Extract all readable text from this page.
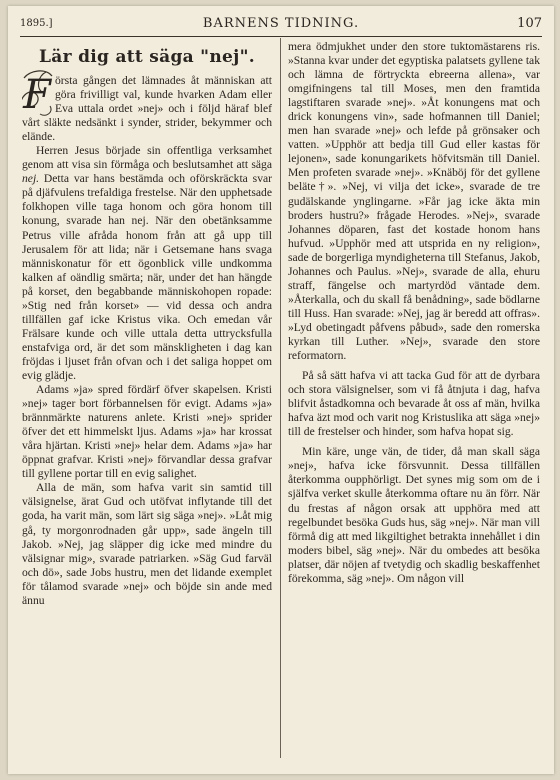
1895.]	BARNENS TIDNING.	107
Lär dig att säga "nej".
F örsta gången det lämnades åt människan att göra frivilligt val, kunde hvarken Adam eller Eva uttala ordet »nej» och i följd häraf blef vårt släkte nedsänkt i synder, strider, bekymmer och elände.

Herren Jesus började sin offentliga verksamhet genom att visa sin förmåga och beslutsamhet att säga nej. Detta var hans bestämda och oförskräckta svar på djäfvulens trefaldiga frestelse. När den upphetsade folkhopen ville taga honom och göra honom till konung, svarade han nej. När den obetänksamme Petrus ville afråda honom från att gå upp till Jerusalem för att lida; när i Getsemane hans svaga människonatur för ett ögonblick ville undkomma kalken af oändlig smärta; när, under det han hängde på korset, den begabbande människohopen ropade: »Stig ned från korset» — vid dessa och andra tillfällen gaf icke Kristus vika. Och emedan vår Frälsare kunde och ville uttala detta uttrycksfulla enstafviga ord, är det som mänskligheten i dag kan fröjdas i ljuset från ofvan och i det saliga hoppet om evig glädje.

Adams »ja» spred fördärf öfver skapelsen. Kristi »nej» tager bort förbannelsen för evigt. Adams »ja» brännmärkte naturens anlete. Kristi »nej» sprider öfver det ett himmelskt ljus. Adams »ja» har krossat våra hjärtan. Kristi »nej» helar dem. Adams »ja» har öppnat grafvar. Kristi »nej» förvandlar dessa grafvar till gyllene portar till en evig salighet.

Alla de män, som hafva varit sin samtid till välsignelse, ärat Gud och utöfvat inflytande till det goda, ha varit män, som lärt sig säga »nej». »Låt mig gå, ty morgonrodnaden går upp», sade ängeln till Jakob. »Nej, jag släpper dig icke med mindre du välsignar mig», svarade patriarken. »Säg Gud farväl och dö», sade Jobs hustru, men det lidande exemplet för tålamod svarade »nej» och böjde sin ande med ännu

mera ödmjukhet under den store tuktomästarens ris. »Stanna kvar under det egyptiska palatsets gyllene tak och lämna de förtryckta ebreerna allena», var omgifningens tal till Moses, men den framtida lagstiftaren svarade »nej». »Åt konungens mat och drick konungens vin», sade hofmannen till Daniel; men han svarade »nej» och lefde på grönsaker och vatten. »Upphör att bedja till Gud eller kastas för lejonen», sade konungarikets höfvitsmän till Daniel. Men profeten svarade »nej». »Knäböj för det gyllene beläte†». »Nej, vi vilja det icke», svarade de tre gudälskande ynglingarne. »Får jag icke äkta min broders hustru?» frågade Herodes. »Nej», svarade Johannes döparen, fast det kostade honom hans hufvud. »Upphör med att utsprida en ny religion», sade de borgerliga myndigheterna till Stefanus, Jakob, Johannes och Paulus. »Nej», svarade de alla, ehuru straff, fängelse och martyrdöd väntade dem. »Återkalla, och du skall få benådning», sade bödlarne till Huss. Han svarade: »Nej, jag är beredd att offras». »Lyd obetingadt påfvens påbud», sade den romerska kyrkan till Luther. »Nej», svarade den store reformatorn.

På så sätt hafva vi att tacka Gud för att de dyrbara och stora välsignelser, som vi få åtnjuta i dag, hafva blifvit åstadkomna och bevarade åt oss af män, hvilka hafva äzt mod och varit nog Kristuslika att säga »nej» till de frestelser och hinder, som hafva hopat sig.

Min käre, unge vän, de tider, då man skall säga »nej», hafva icke försvunnit. Dessa tillfällen återkomma oupphörligt. Det synes mig som om de i själfva verket skulle återkomma oftare nu än förr. När du frestas af någon orsak att upphöra med att regelbundet besöka Guds hus, säg »nej». När man vill förmå dig att med likgiltighet betrakta innehållet i din moders bibel, säg »nej». När du ombedes att besöka platser, där nöjen af tvetydig och skadlig beskaffenhet förekomma, säg »nej». Om någon vill
